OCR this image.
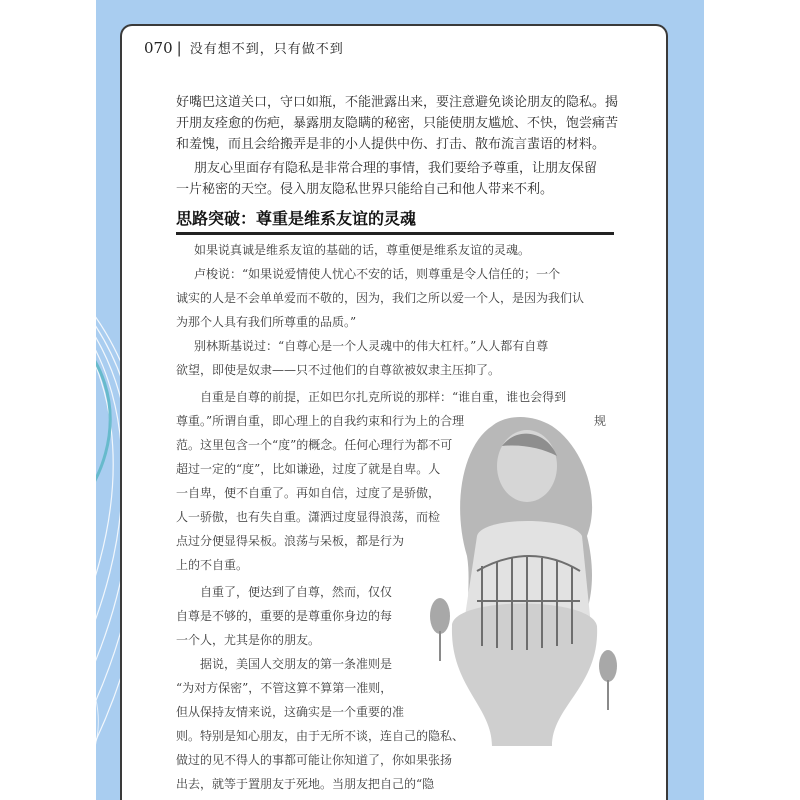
070 | 没有想不到，只有做不到
好嘴巴这道关口，守口如瓶，不能泄露出来，要注意避免谈论朋友的隐私。揭
开朋友痊愈的伤疤，暴露朋友隐瞒的秘密，只能使朋友尴尬、不快，饱尝痛苦
和羞愧，而且会给搬弄是非的小人提供中伤、打击、散布流言蜚语的材料。
朋友心里面存有隐私是非常合理的事情，我们要给予尊重，让朋友保留
一片秘密的天空。侵入朋友隐私世界只能给自己和他人带来不利。
思路突破：尊重是维系友谊的灵魂
如果说真诚是维系友谊的基础的话，尊重便是维系友谊的灵魂。
卢梭说：“如果说爱情使人忧心不安的话，则尊重是令人信任的；一个
诚实的人是不会单单爱而不敬的，因为，我们之所以爱一个人，是因为我们认
为那个人具有我们所尊重的品质。”
别林斯基说过：“自尊心是一个人灵魂中的伟大杠杆。”人人都有自尊
欲望，即使是奴隶——只不过他们的自尊欲被奴隶主压抑了。
自重是自尊的前提，正如巴尔扎克所说的那样：“谁自重，谁也会得到
尊重。”所谓自重，即心理上的自我约束和行为上的合理	规
范。这里包含一个“度”的概念。任何心理行为都不可
超过一定的“度”，比如谦逊，过度了就是自卑。人
一自卑，便不自重了。再如自信，过度了是骄傲，
人一骄傲，也有失自重。潇洒过度显得浪荡，而检
点过分便显得呆板。浪荡与呆板，都是行为
上的不自重。
自重了，便达到了自尊，然而，仅仅
自尊是不够的，重要的是尊重你身边的每
一个人，尤其是你的朋友。
据说，美国人交朋友的第一条准则是
“为对方保密”，不管这算不算第一准则，
但从保持友情来说，这确实是一个重要的准
则。特别是知心朋友，由于无所不谈，连自己的隐私、
做过的见不得人的事都可能让你知道了，你如果张扬
出去，就等于置朋友于死地。当朋友把自己的“隐
